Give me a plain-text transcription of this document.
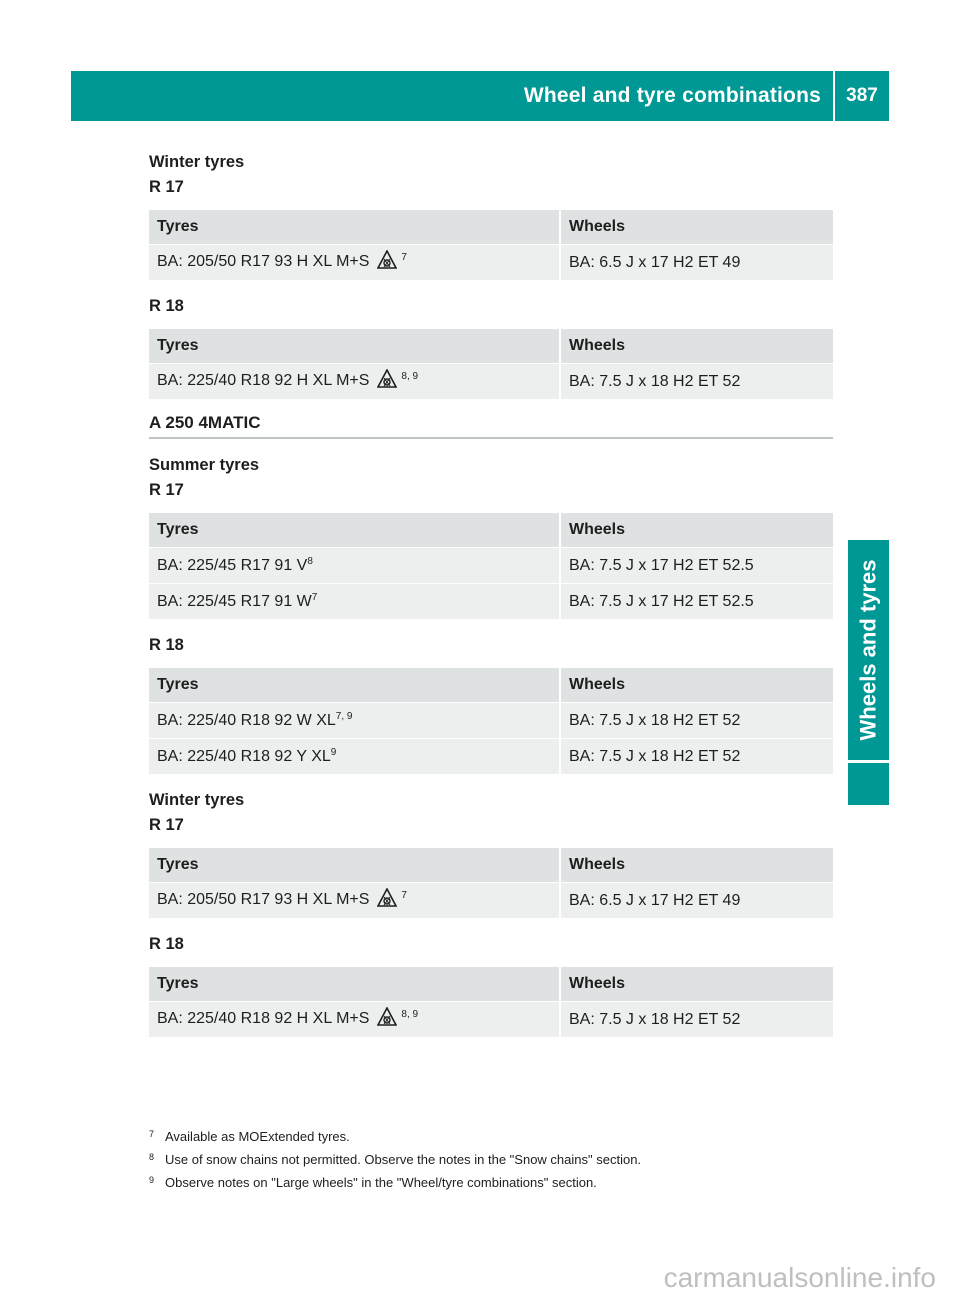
Wheel and tyre combinations	387
Wheels and tyres

Winter tyres

R 17

Tyres	Wheels
BA: 205/50 R17 93 H XL M+S $^7$	BA: 6.5 J x 17 H2 ET 49

R 18

Tyres	Wheels
BA: 225/40 R18 92 H XL M+S $^{8, 9}$	BA: 7.5 J x 18 H2 ET 52
A 250 4MATIC

Summer tyres

R 17

Tyres	Wheels
BA: 225/45 R17 91 $V^8$	BA: 7.5 J x 17 H2 ET 52.5
BA: 225/45 R17 91 $W^7$	BA: 7.5 J x 17 H2 ET 52.5

R 18

Tyres	Wheels
BA: 225/40 R18 92 W XL$^{7, 9}$	BA: 7.5 J x 18 H2 ET 52
BA: 225/40 R18 92 Y $XL^9$	BA: 7.5 J x 18 H2 ET 52

Winter tyres

R 17

Tyres	Wheels
BA: 205/50 R17 93 H XL M+S $^7$	BA: 6.5 J x 17 H2 ET 49

R 18

Tyres	Wheels
BA: 225/40 R18 92 H XL M+S $^{8, 9}$	BA: 7.5 J x 18 H2 ET 52
7 Available as MOExtended tyres.
8 Use of snow chains not permitted. Observe the notes in the "Snow chains" section.
9 Observe notes on "Large wheels" in the "Wheel/tyre combinations" section.
carmanualsonline.info
